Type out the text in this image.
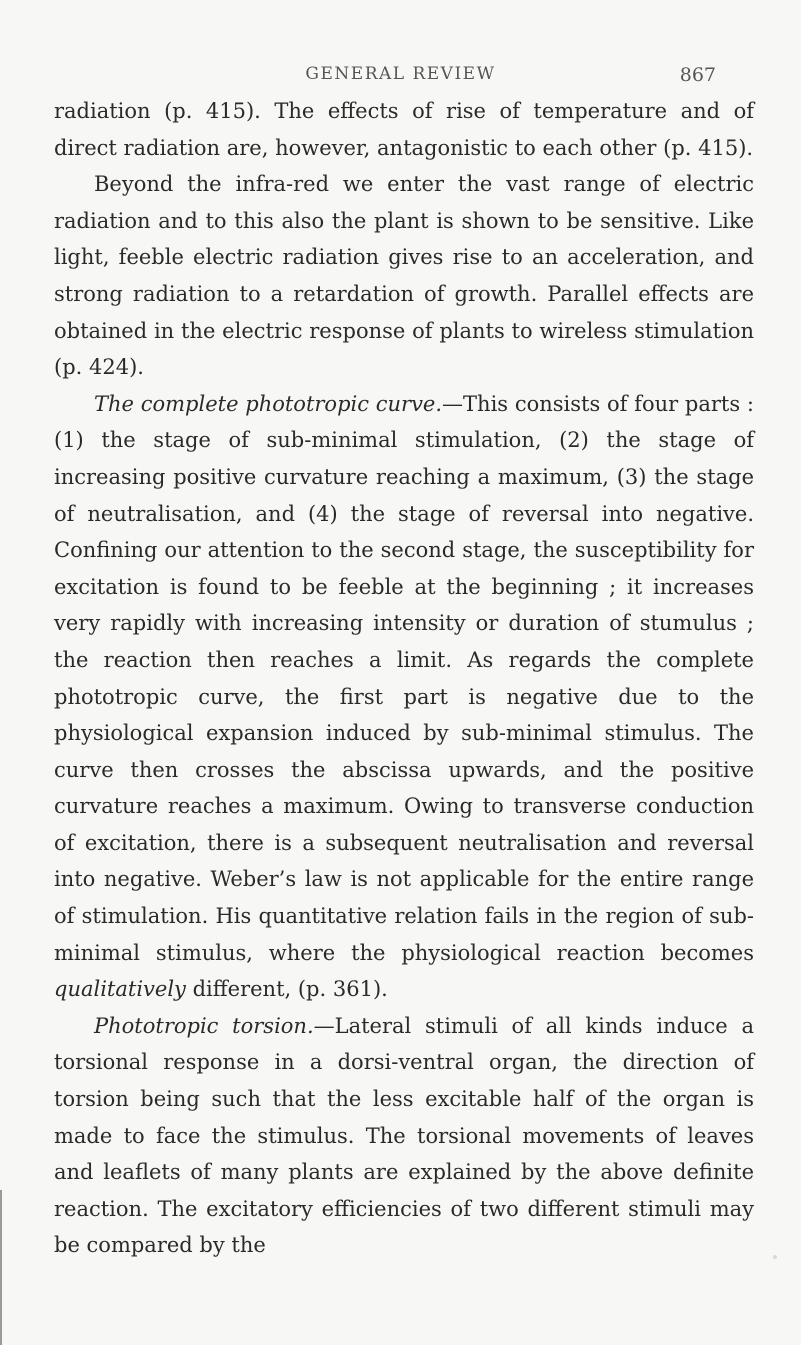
GENERAL REVIEW	867

radiation (p. 415). The effects of rise of temperature and of direct radiation are, however, antagonistic to each other (p. 415).

Beyond the infra-red we enter the vast range of electric radiation and to this also the plant is shown to be sensitive. Like light, feeble electric radiation gives rise to an acceleration, and strong radiation to a retardation of growth. Parallel effects are obtained in the electric response of plants to wireless stimulation (p. 424).

The complete phototropic curve.—This consists of four parts : (1) the stage of sub-minimal stimulation, (2) the stage of increasing positive curvature reaching a maximum, (3) the stage of neutralisation, and (4) the stage of reversal into negative. Confining our attention to the second stage, the susceptibility for excitation is found to be feeble at the beginning ; it increases very rapidly with increasing intensity or duration of stumulus ; the reaction then reaches a limit. As regards the complete phototropic curve, the first part is negative due to the physiological expansion induced by sub-minimal stimulus. The curve then crosses the abscissa upwards, and the positive curvature reaches a maximum. Owing to transverse conduction of excitation, there is a subsequent neutralisation and reversal into negative. Weber’s law is not applicable for the entire range of stimulation. His quantitative relation fails in the region of sub-minimal stimulus, where the physiological reaction becomes qualitatively different, (p. 361).

Phototropic torsion.—Lateral stimuli of all kinds induce a torsional response in a dorsi-ventral organ, the direction of torsion being such that the less excitable half of the organ is made to face the stimulus. The torsional movements of leaves and leaflets of many plants are explained by the above definite reaction. The excitatory efficiencies of two different stimuli may be compared by the
